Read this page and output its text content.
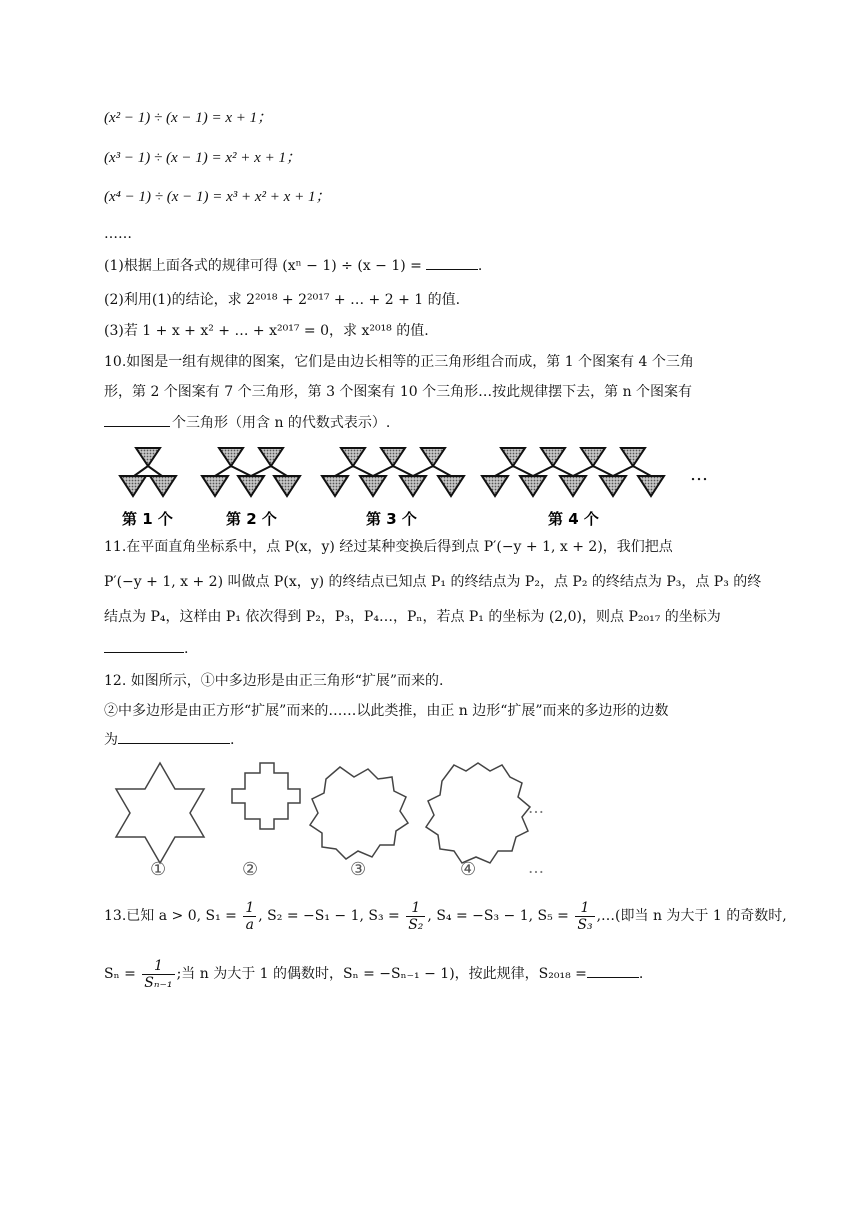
(x² − 1) ÷ (x − 1) = x + 1；
(x³ − 1) ÷ (x − 1) = x² + x + 1；
(x⁴ − 1) ÷ (x − 1) = x³ + x² + x + 1；
……
(1)根据上面各式的规律可得 (xⁿ − 1) ÷ (x − 1) =	.
(2)利用(1)的结论，求 2²⁰¹⁸ + 2²⁰¹⁷ + … + 2 + 1 的值.
(3)若 1 + x + x² + … + x²⁰¹⁷ = 0，求 x²⁰¹⁸ 的值.
10.如图是一组有规律的图案，它们是由边长相等的正三角形组合而成，第 1 个图案有 4 个三角
形，第 2 个图案有 7 个三角形，第 3 个图案有 10 个三角形…按此规律摆下去，第 n 个图案有
个三角形（用含 n 的代数式表示）.
…
第 1 个	第 2 个	第 3 个	第 4 个
11.在平面直角坐标系中，点 P(x，y) 经过某种变换后得到点 P′(−y + 1, x + 2)，我们把点
P′(−y + 1, x + 2) 叫做点 P(x，y) 的终结点已知点 P₁ 的终结点为 P₂，点 P₂ 的终结点为 P₃，点 P₃ 的终
结点为 P₄，这样由 P₁ 依次得到 P₂，P₃，P₄…，Pₙ，若点 P₁ 的坐标为 (2,0)，则点 P₂₀₁₇ 的坐标为
.
12. 如图所示，①中多边形是由正三角形“扩展”而来的.
②中多边形是由正方形“扩展”而来的……以此类推，由正 n 边形“扩展”而来的多边形的边数
为	.
…
…
①	②	③	④
13.已知 a > 0, $S_1 = \frac{1}{a}$ , S₂ = −S₁ − 1, $S_3 = \frac{1}{\text{S₂}}$ , S₄ = −S₃ − 1, $S_5 = \frac{1}{\text{S₃}}$ ,…(即当 n 为大于 1 的奇数时,
$S_n = \frac{1}{\text{Sₙ₋₁}}$ ;当 n 为大于 1 的偶数时，Sₙ = −Sₙ₋₁ − 1)，按此规律，S₂₀₁₈ =	.
